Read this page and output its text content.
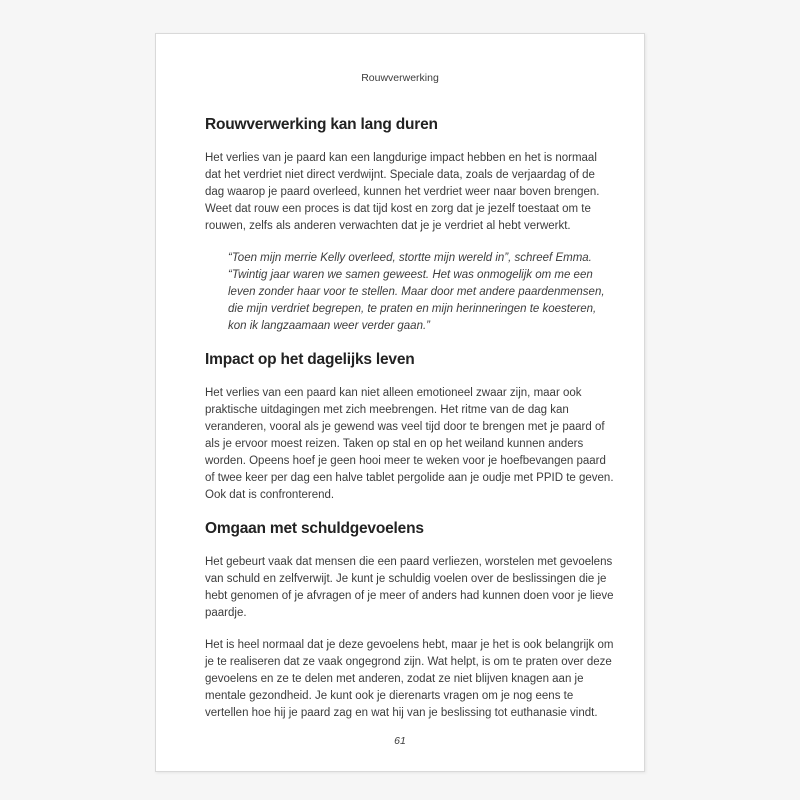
Rouwverwerking
Rouwverwerking kan lang duren

Het verlies van je paard kan een langdurige impact hebben en het is normaal dat het verdriet niet direct verdwijnt. Speciale data, zoals de verjaardag of de dag waarop je paard overleed, kunnen het verdriet weer naar boven brengen. Weet dat rouw een proces is dat tijd kost en zorg dat je jezelf toestaat om te rouwen, zelfs als anderen verwachten dat je je verdriet al hebt verwerkt.

“Toen mijn merrie Kelly overleed, stortte mijn wereld in”, schreef Emma. “Twintig jaar waren we samen geweest. Het was onmogelijk om me een leven zonder haar voor te stellen. Maar door met andere paardenmensen, die mijn verdriet begrepen, te praten en mijn herinneringen te koesteren, kon ik langzaamaan weer verder gaan.”
Impact op het dagelijks leven

Het verlies van een paard kan niet alleen emotioneel zwaar zijn, maar ook praktische uitdagingen met zich meebrengen. Het ritme van de dag kan veranderen, vooral als je gewend was veel tijd door te brengen met je paard of als je ervoor moest reizen. Taken op stal en op het weiland kunnen anders worden. Opeens hoef je geen hooi meer te weken voor je hoefbevangen paard of twee keer per dag een halve tablet pergolide aan je oudje met PPID te geven. Ook dat is confronterend.

Omgaan met schuldgevoelens

Het gebeurt vaak dat mensen die een paard verliezen, worstelen met gevoelens van schuld en zelfverwijt. Je kunt je schuldig voelen over de beslissingen die je hebt genomen of je afvragen of je meer of anders had kunnen doen voor je lieve paardje.

Het is heel normaal dat je deze gevoelens hebt, maar je het is ook belangrijk om je te realiseren dat ze vaak ongegrond zijn. Wat helpt, is om te praten over deze gevoelens en ze te delen met anderen, zodat ze niet blijven knagen aan je mentale gezondheid. Je kunt ook je dierenarts vragen om je nog eens te vertellen hoe hij je paard zag en wat hij van je beslissing tot euthanasie vindt.

61
